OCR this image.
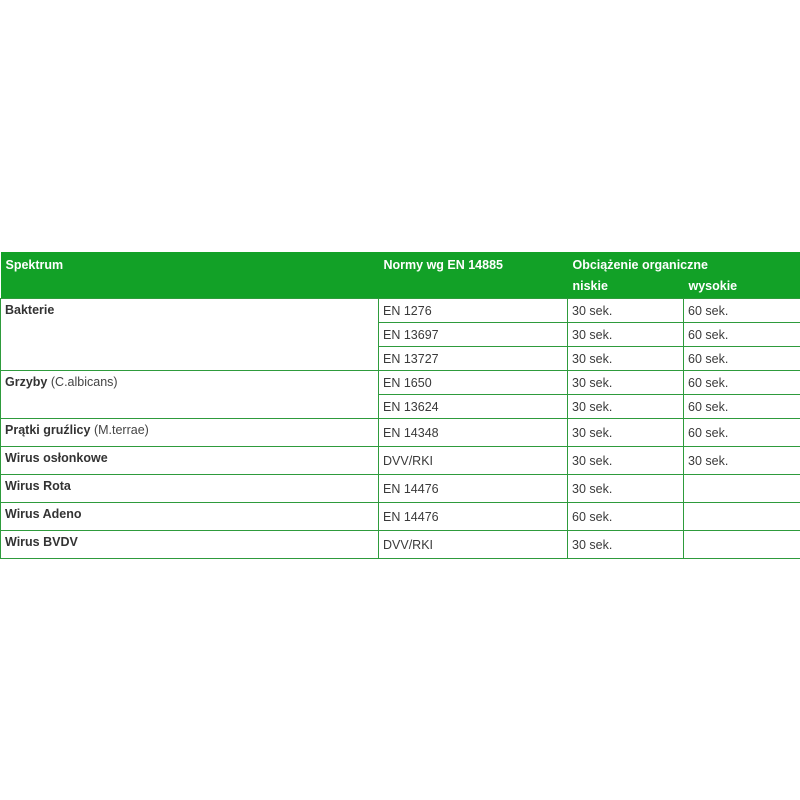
Spektrum	Normy wg EN 14885	Obciążenie organiczne	
		niskie	wysokie
Bakterie	EN 1276	30 sek.	60 sek.
	EN 13697	30 sek.	60 sek.
	EN 13727	30 sek.	60 sek.
Grzyby (C.albicans)	EN 1650	30 sek.	60 sek.
	EN 13624	30 sek.	60 sek.
Prątki gruźlicy (M.terrae)	EN 14348	30 sek.	60 sek.
Wirus osłonkowe	DVV/RKI	30 sek.	30 sek.
Wirus Rota	EN 14476	30 sek.	
Wirus Adeno	EN 14476	60 sek.	
Wirus BVDV	DVV/RKI	30 sek.	
